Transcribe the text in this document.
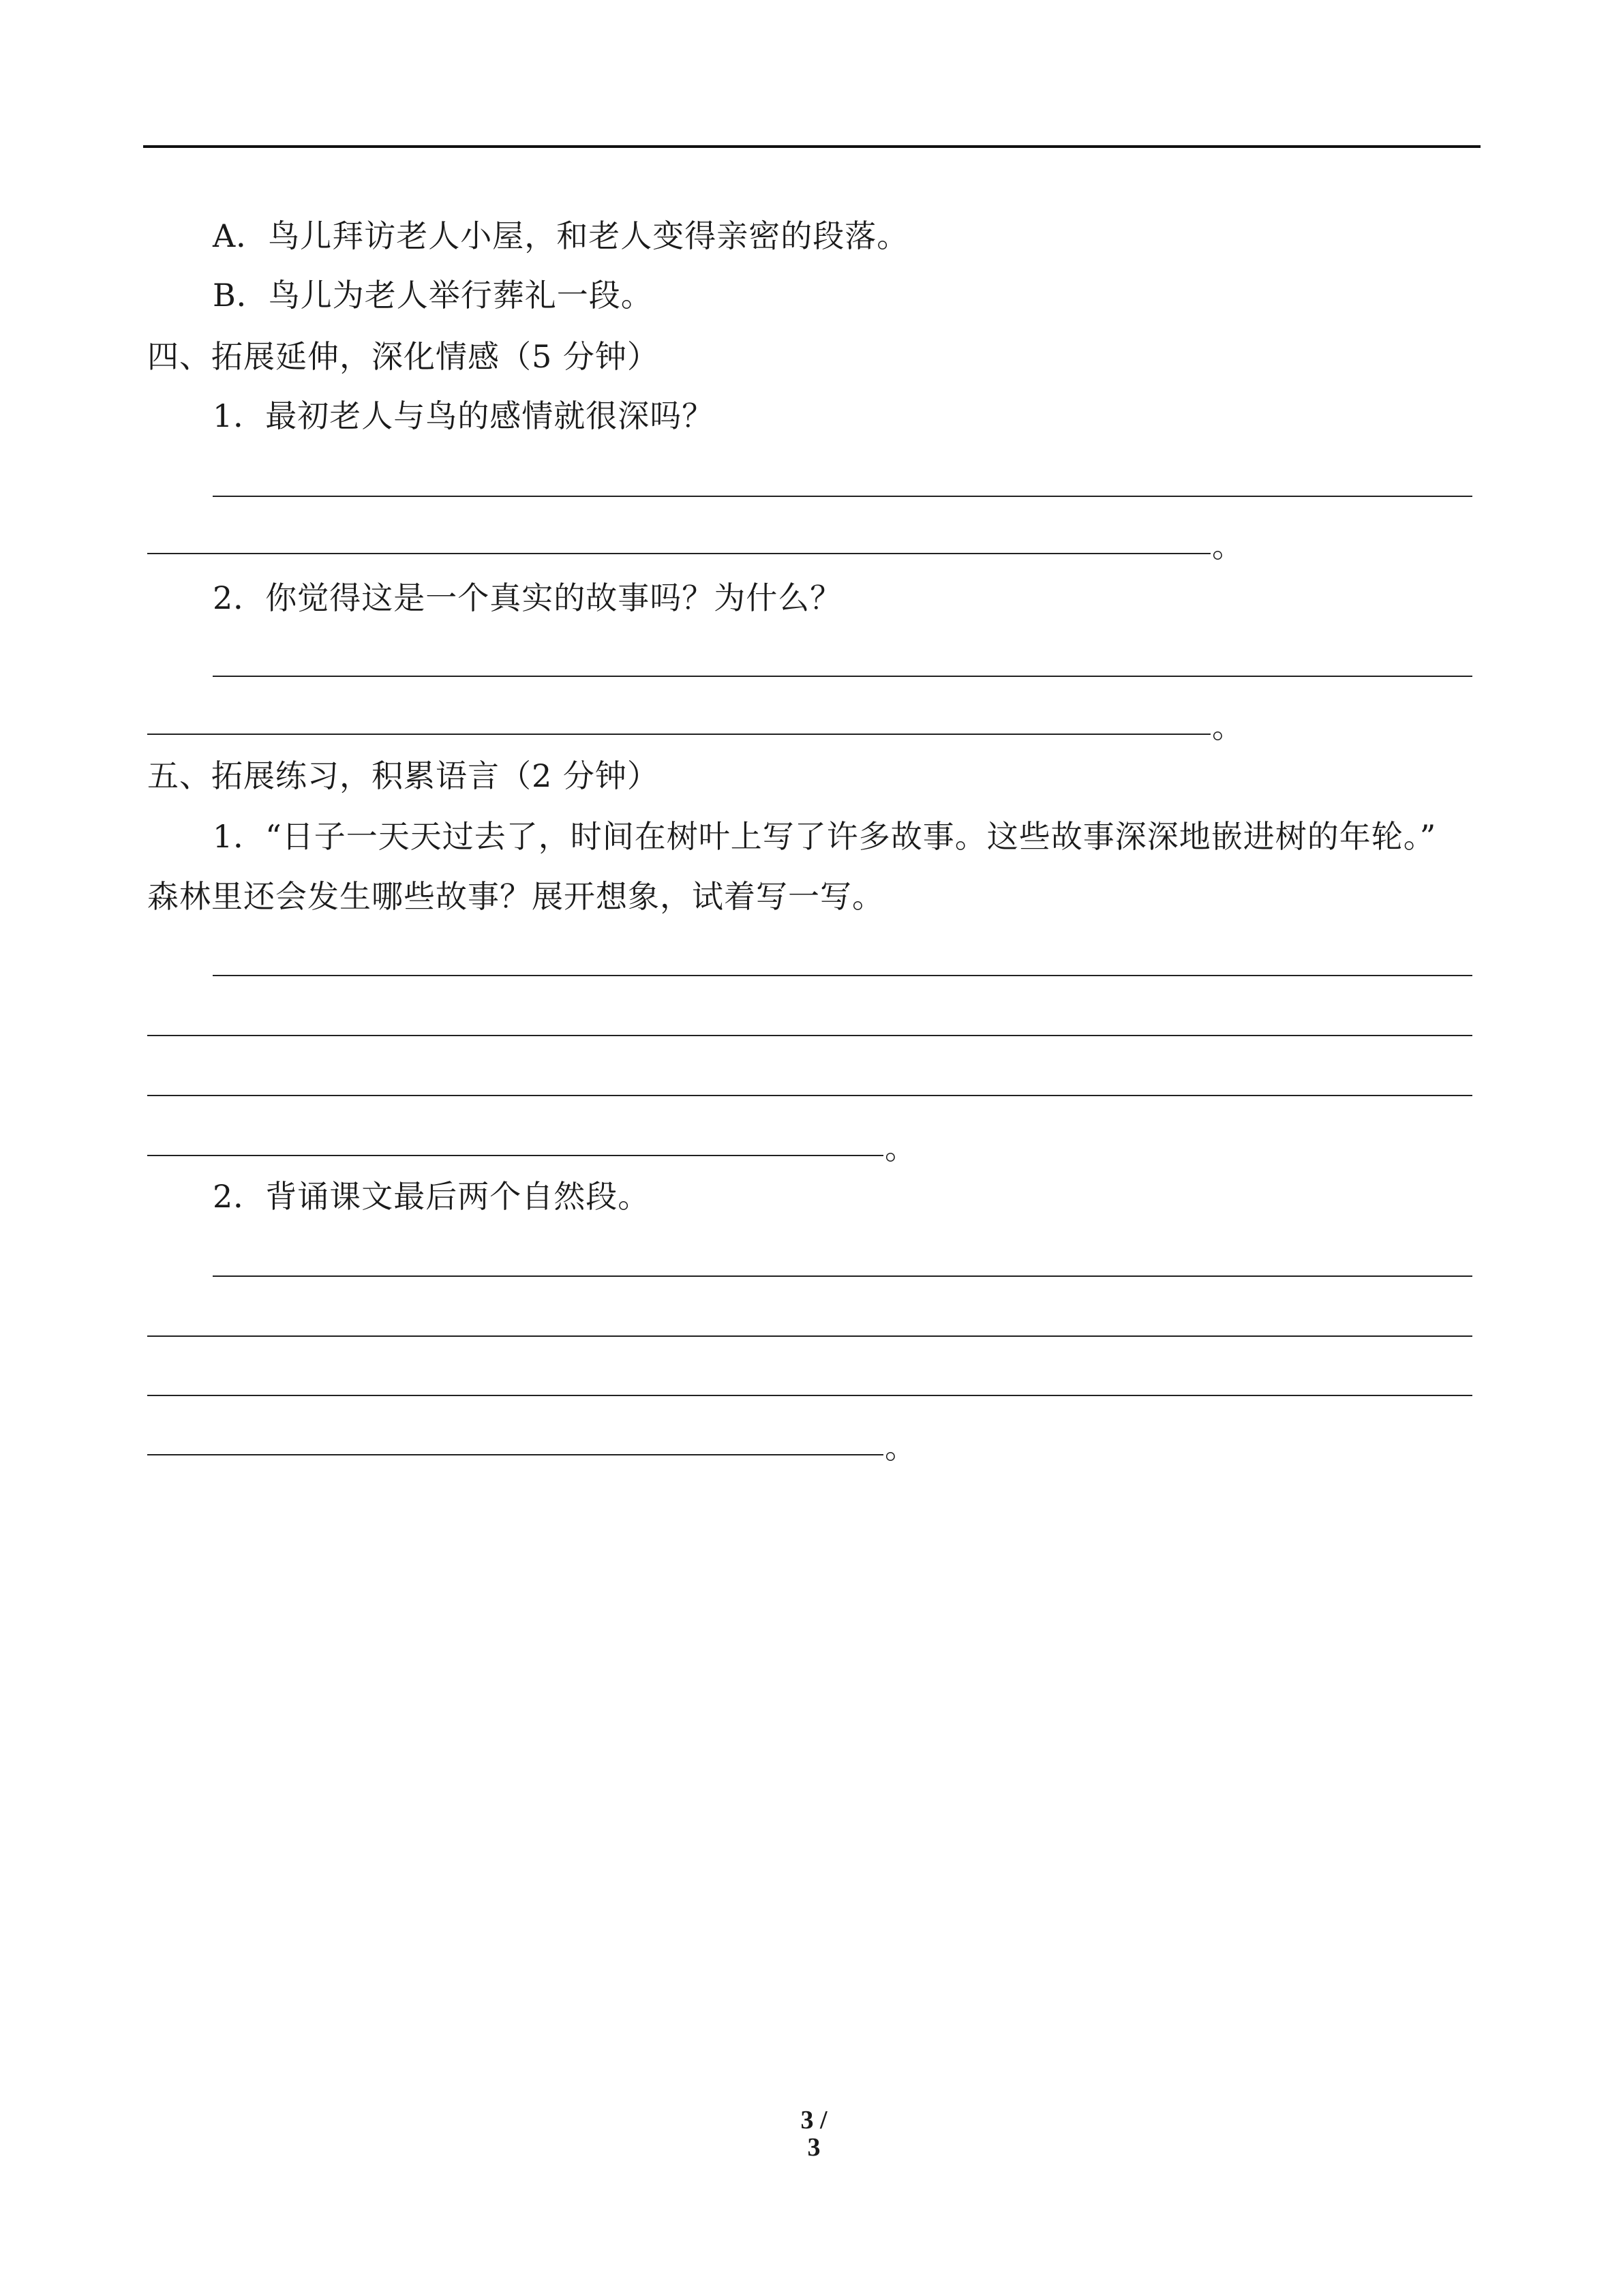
A．鸟儿拜访老人小屋，和老人变得亲密的段落。
B．鸟儿为老人举行葬礼一段。
四、拓展延伸，深化情感（5 分钟）
1．最初老人与鸟的感情就很深吗？
。
2．你觉得这是一个真实的故事吗？为什么？
。
五、拓展练习，积累语言（2 分钟）
1．“日子一天天过去了，时间在树叶上写了许多故事。这些故事深深地嵌进树的年轮。”
森林里还会发生哪些故事？展开想象，试着写一写。
。
2．背诵课文最后两个自然段。
。
3 / 3
